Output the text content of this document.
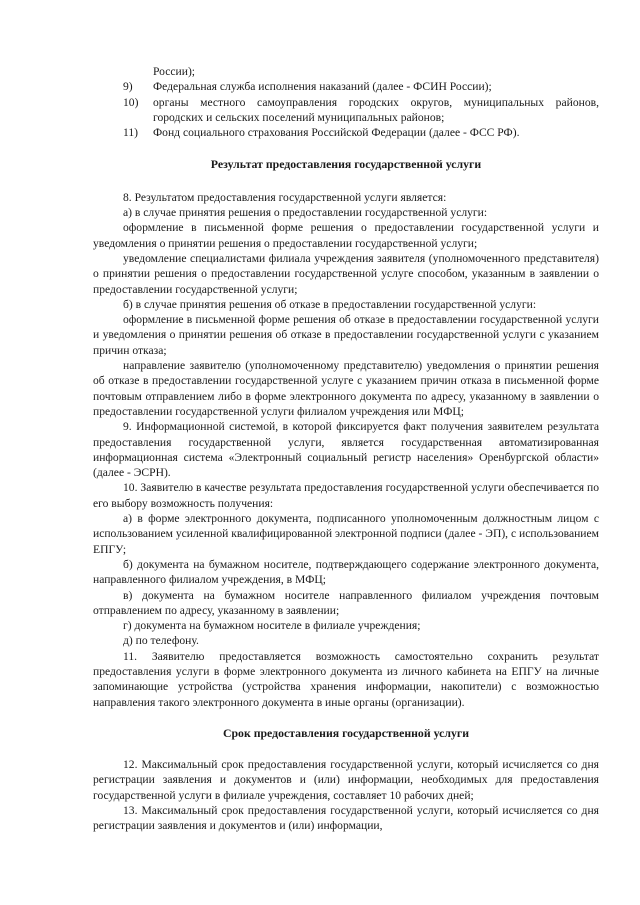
России);
9) Федеральная служба исполнения наказаний (далее - ФСИН России);
10) органы местного самоуправления городских округов, муниципальных районов, городских и сельских поселений муниципальных районов;
11) Фонд социального страхования Российской Федерации (далее - ФСС РФ).
Результат предоставления государственной услуги

8. Результатом предоставления государственной услуги является:

а) в случае принятия решения о предоставлении государственной услуги:

оформление в письменной форме решения о предоставлении государственной услуги и уведомления о принятии решения о предоставлении государственной услуги;

уведомление специалистами филиала учреждения заявителя (уполномоченного представителя) о принятии решения о предоставлении государственной услуге способом, указанным в заявлении о предоставлении государственной услуги;

б) в случае принятия решения об отказе в предоставлении государственной услуги:

оформление в письменной форме решения об отказе в предоставлении государственной услуги и уведомления о принятии решения об отказе в предоставлении государственной услуги с указанием причин отказа;

направление заявителю (уполномоченному представителю) уведомления о принятии решения об отказе в предоставлении государственной услуге с указанием причин отказа в письменной форме почтовым отправлением либо в форме электронного документа по адресу, указанному в заявлении о предоставлении государственной услуги филиалом учреждения или МФЦ;

9. Информационной системой, в которой фиксируется факт получения заявителем результата предоставления государственной услуги, является государственная автоматизированная информационная система «Электронный социальный регистр населения» Оренбургской области» (далее - ЭСРН).

10. Заявителю в качестве результата предоставления государственной услуги обеспечивается по его выбору возможность получения:

а) в форме электронного документа, подписанного уполномоченным должностным лицом с использованием усиленной квалифицированной электронной подписи (далее - ЭП), с использованием ЕПГУ;

б) документа на бумажном носителе, подтверждающего содержание электронного документа, направленного филиалом учреждения, в МФЦ;

в) документа на бумажном носителе направленного филиалом учреждения почтовым отправлением по адресу, указанному в заявлении;

г) документа на бумажном носителе в филиале учреждения;

д) по телефону.

11. Заявителю предоставляется возможность самостоятельно сохранить результат предоставления услуги в форме электронного документа из личного кабинета на ЕПГУ на личные запоминающие устройства (устройства хранения информации, накопители) с возможностью направления такого электронного документа в иные органы (организации).

Срок предоставления государственной услуги

12. Максимальный срок предоставления государственной услуги, который исчисляется со дня регистрации заявления и документов и (или) информации, необходимых для предоставления государственной услуги в филиале учреждения, составляет 10 рабочих дней;

13. Максимальный срок предоставления государственной услуги, который исчисляется со дня регистрации заявления и документов и (или) информации,
